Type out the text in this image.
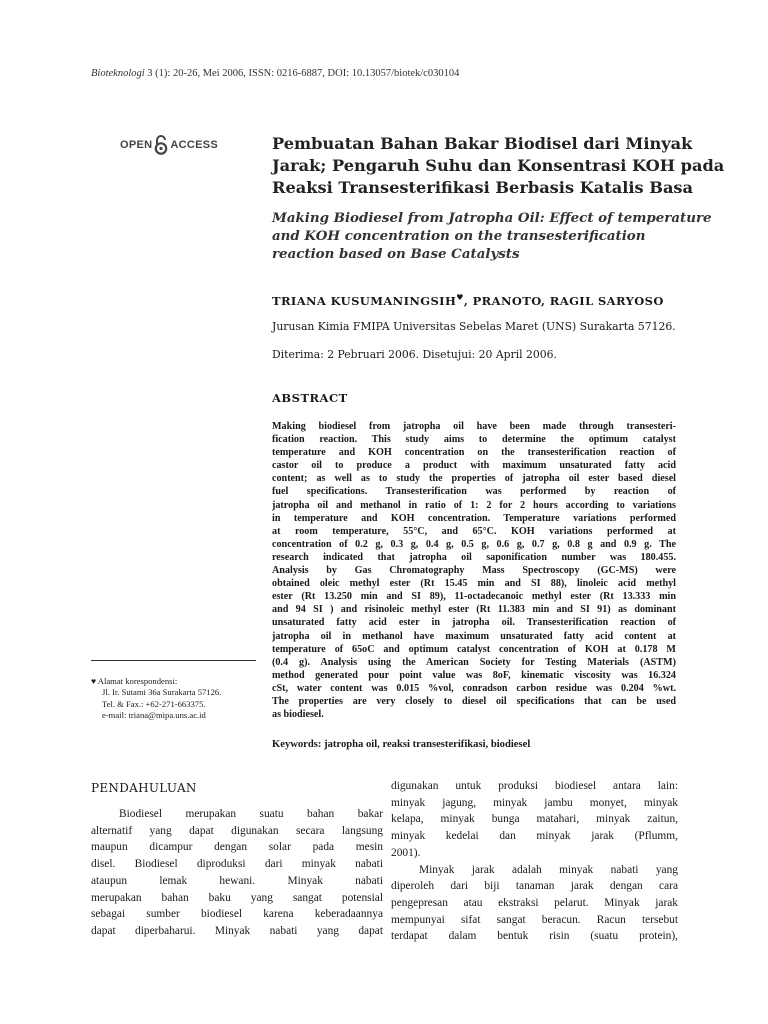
Bioteknologi 3 (1): 20-26, Mei 2006, ISSN: 0216-6887, DOI: 10.13057/biotek/c030104
OPEN ACCESS	Pembuatan Bahan Bakar Biodisel dari Minyak
Jarak; Pengaruh Suhu dan Konsentrasi KOH pada
Reaksi Transesterifikasi Berbasis Katalis Basa
Making Biodiesel from Jatropha Oil: Effect of temperature
and KOH concentration on the transesterification
reaction based on Base Catalysts
TRIANA KUSUMANINGSIH♥, PRANOTO, RAGIL SARYOSO
Jurusan Kimia FMIPA Universitas Sebelas Maret (UNS) Surakarta 57126.
Diterima: 2 Pebruari 2006. Disetujui: 20 April 2006.
ABSTRACT
Making biodiesel from jatropha oil have been made through transesteri-
fication reaction. This study aims to determine the optimum catalyst
temperature and KOH concentration on the transesterification reaction of
castor oil to produce a product with maximum unsaturated fatty acid
content; as well as to study the properties of jatropha oil ester based diesel
fuel specifications. Transesterification was performed by reaction of
jatropha oil and methanol in ratio of 1: 2 for 2 hours according to variations
in temperature and KOH concentration. Temperature variations performed
at room temperature, 55°C, and 65°C. KOH variations performed at
concentration of 0.2 g, 0.3 g, 0.4 g, 0.5 g, 0.6 g, 0.7 g, 0.8 g and 0.9 g. The
research indicated that jatropha oil saponification number was 180.455.
Analysis by Gas Chromatography Mass Spectroscopy (GC-MS) were
obtained oleic methyl ester (Rt 15.45 min and SI 88), linoleic acid methyl
ester (Rt 13.250 min and SI 89), 11-octadecanoic methyl ester (Rt 13.333 min
and 94 SI ) and risinoleic methyl ester (Rt 11.383 min and SI 91) as dominant
unsaturated fatty acid ester in jatropha oil. Transesterification reaction of
jatropha oil in methanol have maximum unsaturated fatty acid content at
temperature of 65oC and optimum catalyst concentration of KOH at 0.178 M
(0.4 g). Analysis using the American Society for Testing Materials (ASTM)
method generated pour point value was 8oF, kinematic viscosity was 16.324
cSt, water content was 0.015 %vol, conradson carbon residue was 0.204 %wt.
The properties are very closely to diesel oil specifications that can be used
as biodiesel.
Keywords: jatropha oil, reaksi transesterifikasi, biodiesel
♥ Alamat korespondensi:
Jl. Ir. Sutami 36a Surakarta 57126.
Tel. & Fax.: +62-271-663375.
e-mail: triana@mipa.uns.ac.id
PENDAHULUAN
Biodiesel merupakan suatu bahan bakar
alternatif yang dapat digunakan secara langsung
maupun dicampur dengan solar pada mesin
disel. Biodiesel diproduksi dari minyak nabati
ataupun lemak hewani. Minyak nabati
merupakan bahan baku yang sangat potensial
sebagai sumber biodiesel karena keberadaannya
dapat diperbaharui. Minyak nabati yang dapat
digunakan untuk produksi biodiesel antara lain:
minyak jagung, minyak jambu monyet, minyak
kelapa, minyak bunga matahari, minyak zaitun,
minyak kedelai dan minyak jarak (Pflumm,
2001).
Minyak jarak adalah minyak nabati yang
diperoleh dari biji tanaman jarak dengan cara
pengepresan atau ekstraksi pelarut. Minyak jarak
mempunyai sifat sangat beracun. Racun tersebut
terdapat dalam bentuk risin (suatu protein),
